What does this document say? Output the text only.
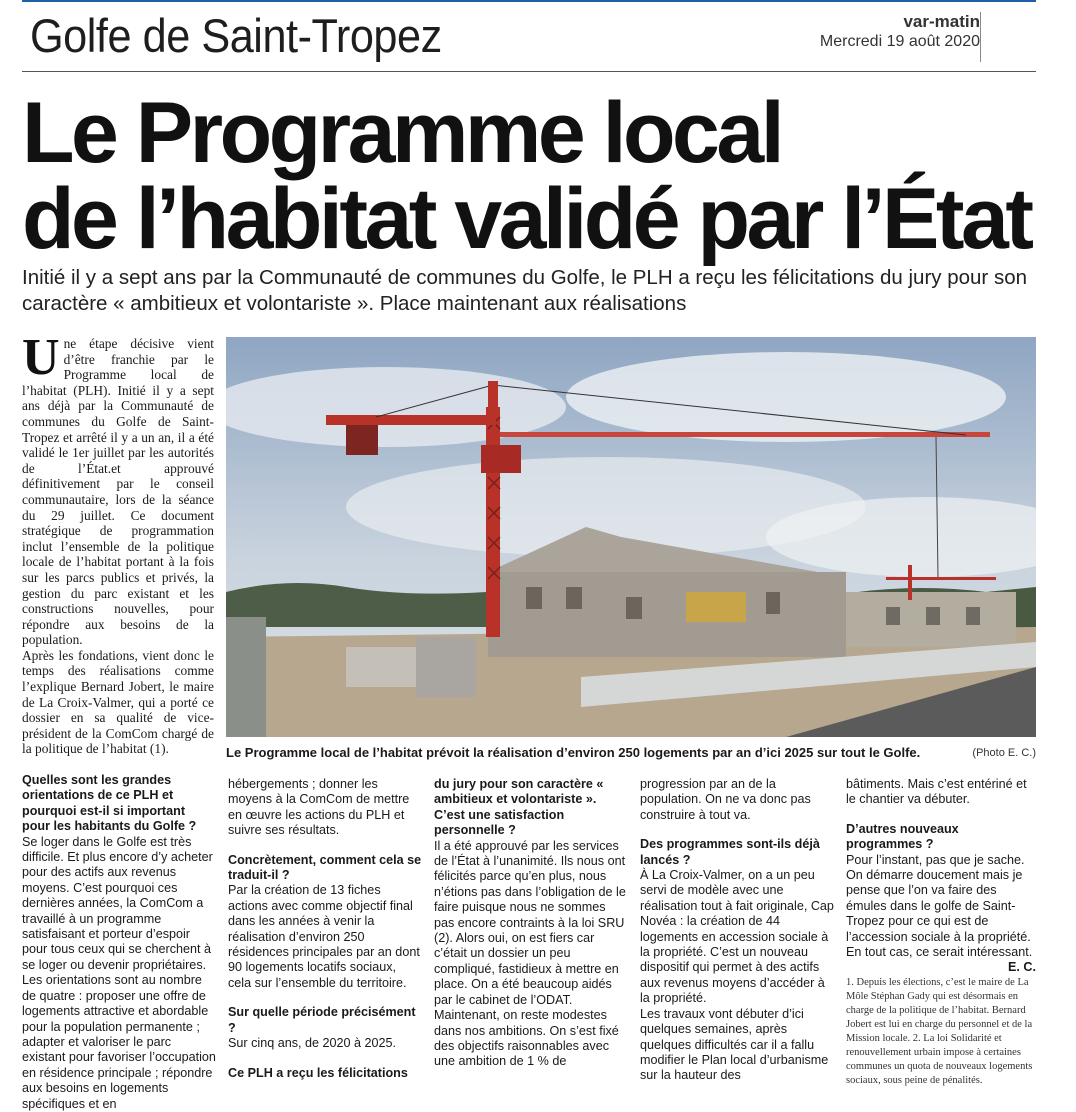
Golfe de Saint-Tropez	var-matin
Mercredi 19 août 2020
Le Programme local
de l’habitat validé par l’État
Initié il y a sept ans par la Communauté de communes du Golfe, le PLH a reçu les félicitations du jury pour son caractère « ambitieux et volontariste ». Place maintenant aux réalisations
U ne étape décisive vient d’être franchie par le Programme local de l’habitat (PLH). Initié il y a sept ans déjà par la Communauté de communes du Golfe de Saint-Tropez et arrêté il y a un an, il a été validé le 1er juillet par les autorités de l’État.et approuvé définitivement par le conseil communautaire, lors de la séance du 29 juillet. Ce document stratégique de programmation inclut l’ensemble de la politique locale de l’habitat portant à la fois sur les parcs publics et privés, la gestion du parc existant et les constructions nouvelles, pour répondre aux besoins de la population.

Après les fondations, vient donc le temps des réalisations comme l’explique Bernard Jobert, le maire de La Croix-Valmer, qui a porté ce dossier en sa qualité de vice-président de la ComCom chargé de la politique de l’habitat (1).	Le Programme local de l’habitat prévoit la réalisation d’environ 250 logements par an d’ici 2025 sur tout le Golfe.	(Photo E. C.)

Quelles sont les grandes orientations de ce PLH et pourquoi est-il si important pour les habitants du Golfe ?

Se loger dans le Golfe est très difficile. Et plus encore d’y acheter pour des actifs aux revenus moyens. C’est pourquoi ces dernières années, la ComCom a travaillé à un programme satisfaisant et porteur d’espoir pour tous ceux qui se cherchent à se loger ou devenir propriétaires. Les orientations sont au nombre de quatre : proposer une offre de logements attractive et abordable pour la population permanente ; adapter et valoriser le parc existant pour favoriser l’occupation en résidence principale ; répondre aux besoins en logements spécifiques et en

hébergements ; donner les moyens à la ComCom de mettre en œuvre les actions du PLH et suivre ses résultats.

Concrètement, comment cela se traduit-il ?

Par la création de 13 fiches actions avec comme objectif final dans les années à venir la réalisation d’environ 250 résidences principales par an dont 90 logements locatifs sociaux, cela sur l’ensemble du territoire.

Sur quelle période précisément ?

Sur cinq ans, de 2020 à 2025.

Ce PLH a reçu les félicitations

du jury pour son caractère « ambitieux et volontariste ». C’est une satisfaction personnelle ?

Il a été approuvé par les services de l’État à l’unanimité. Ils nous ont félicités parce qu’en plus, nous n’étions pas dans l’obligation de le faire puisque nous ne sommes pas encore contraints à la loi SRU (2). Alors oui, on est fiers car c’était un dossier un peu compliqué, fastidieux à mettre en place. On a été beaucoup aidés par le cabinet de l’ODAT.

Maintenant, on reste modestes dans nos ambitions. On s’est fixé des objectifs raisonnables avec une ambition de 1 % de

progression par an de la population. On ne va donc pas construire à tout va.

Des programmes sont-ils déjà lancés ?

À La Croix-Valmer, on a un peu servi de modèle avec une réalisation tout à fait originale, Cap Novéa : la création de 44 logements en accession sociale à la propriété. C’est un nouveau dispositif qui permet à des actifs aux revenus moyens d’accéder à la propriété.

Les travaux vont débuter d’ici quelques semaines, après quelques difficultés car il a fallu modifier le Plan local d’urbanisme sur la hauteur des

bâtiments. Mais c’est entériné et le chantier va débuter.

D’autres nouveaux programmes ?

Pour l’instant, pas que je sache. On démarre doucement mais je pense que l’on va faire des émules dans le golfe de Saint-Tropez pour ce qui est de l’accession sociale à la propriété. En tout cas, ce serait intéressant.

E. C.

1. Depuis les élections, c’est le maire de La Môle Stéphan Gady qui est désormais en charge de la politique de l’habitat. Bernard Jobert est lui en charge du personnel et de la Mission locale. 2. La loi Solidarité et renouvellement urbain impose à certaines communes un quota de nouveaux logements sociaux, sous peine de pénalités.
